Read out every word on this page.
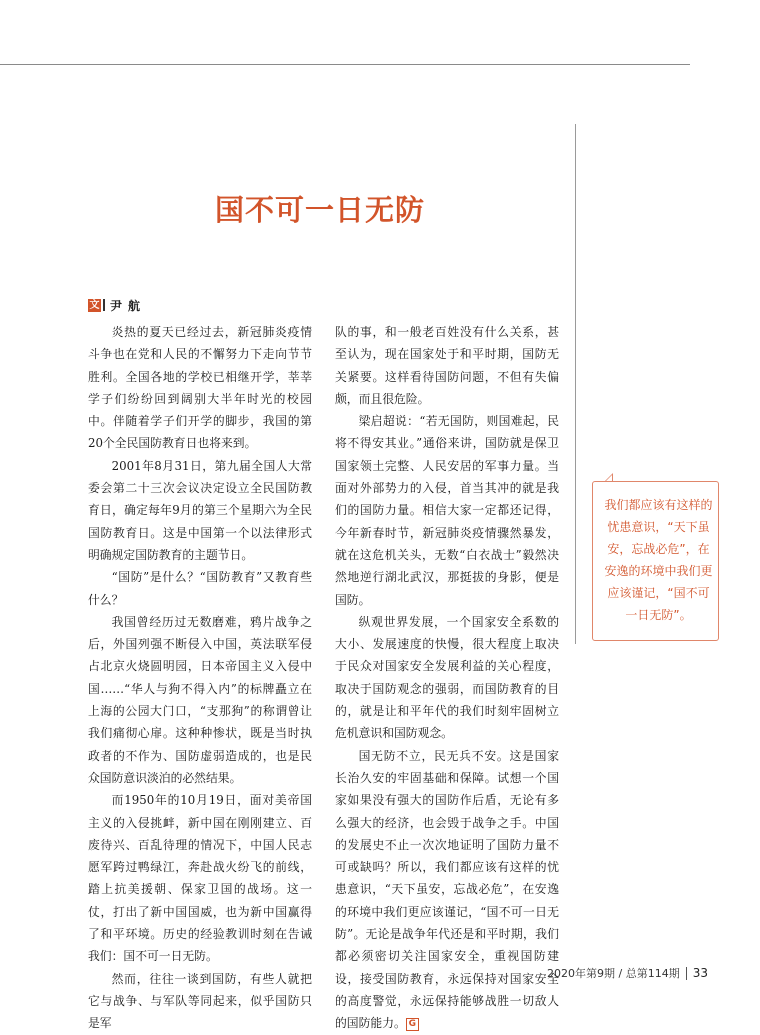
国不可一日无防
文 尹航

炎热的夏天已经过去，新冠肺炎疫情斗争也在党和人民的不懈努力下走向节节胜利。全国各地的学校已相继开学，莘莘学子们纷纷回到阔别大半年时光的校园中。伴随着学子们开学的脚步，我国的第20个全民国防教育日也将来到。

2001年8月31日，第九届全国人大常委会第二十三次会议决定设立全民国防教育日，确定每年9月的第三个星期六为全民国防教育日。这是中国第一个以法律形式明确规定国防教育的主题节日。

“国防”是什么？“国防教育”又教育些什么？

我国曾经历过无数磨难，鸦片战争之后，外国列强不断侵入中国，英法联军侵占北京火烧圆明园，日本帝国主义入侵中国……“华人与狗不得入内”的标牌矗立在上海的公园大门口，“支那狗”的称谓曾让我们痛彻心扉。这种种惨状，既是当时执政者的不作为、国防虚弱造成的，也是民众国防意识淡泊的必然结果。

而1950年的10月19日，面对美帝国主义的入侵挑衅，新中国在刚刚建立、百废待兴、百乱待理的情况下，中国人民志愿军跨过鸭绿江，奔赴战火纷飞的前线，踏上抗美援朝、保家卫国的战场。这一仗，打出了新中国国威，也为新中国赢得了和平环境。历史的经验教训时刻在告诫我们：国不可一日无防。

然而，往往一谈到国防，有些人就把它与战争、与军队等同起来，似乎国防只是军

队的事，和一般老百姓没有什么关系，甚至认为，现在国家处于和平时期，国防无关紧要。这样看待国防问题，不但有失偏颇，而且很危险。

梁启超说：“若无国防，则国难起，民将不得安其业。”通俗来讲，国防就是保卫国家领土完整、人民安居的军事力量。当面对外部势力的入侵，首当其冲的就是我们的国防力量。相信大家一定都还记得，今年新春时节，新冠肺炎疫情骤然暴发，就在这危机关头，无数“白衣战士”毅然决然地逆行湖北武汉，那挺拔的身影，便是国防。

纵观世界发展，一个国家安全系数的大小、发展速度的快慢，很大程度上取决于民众对国家安全发展利益的关心程度，取决于国防观念的强弱，而国防教育的目的，就是让和平年代的我们时刻牢固树立危机意识和国防观念。

国无防不立，民无兵不安。这是国家长治久安的牢固基础和保障。试想一个国家如果没有强大的国防作后盾，无论有多么强大的经济，也会毁于战争之手。中国的发展史不止一次次地证明了国防力量不可或缺吗？所以，我们都应该有这样的忧患意识，“天下虽安，忘战必危”，在安逸的环境中我们更应该谨记，“国不可一日无防”。无论是战争年代还是和平时期，我们都必须密切关注国家安全，重视国防建设，接受国防教育，永远保持对国家安全的高度警觉，永远保持能够战胜一切敌人的国防能力。 G

我们都应该有这样的忧患意识，“天下虽安，忘战必危”，在安逸的环境中我们更应该谨记，“国不可一日无防”。
2020年第9期 / 总第114期 33
